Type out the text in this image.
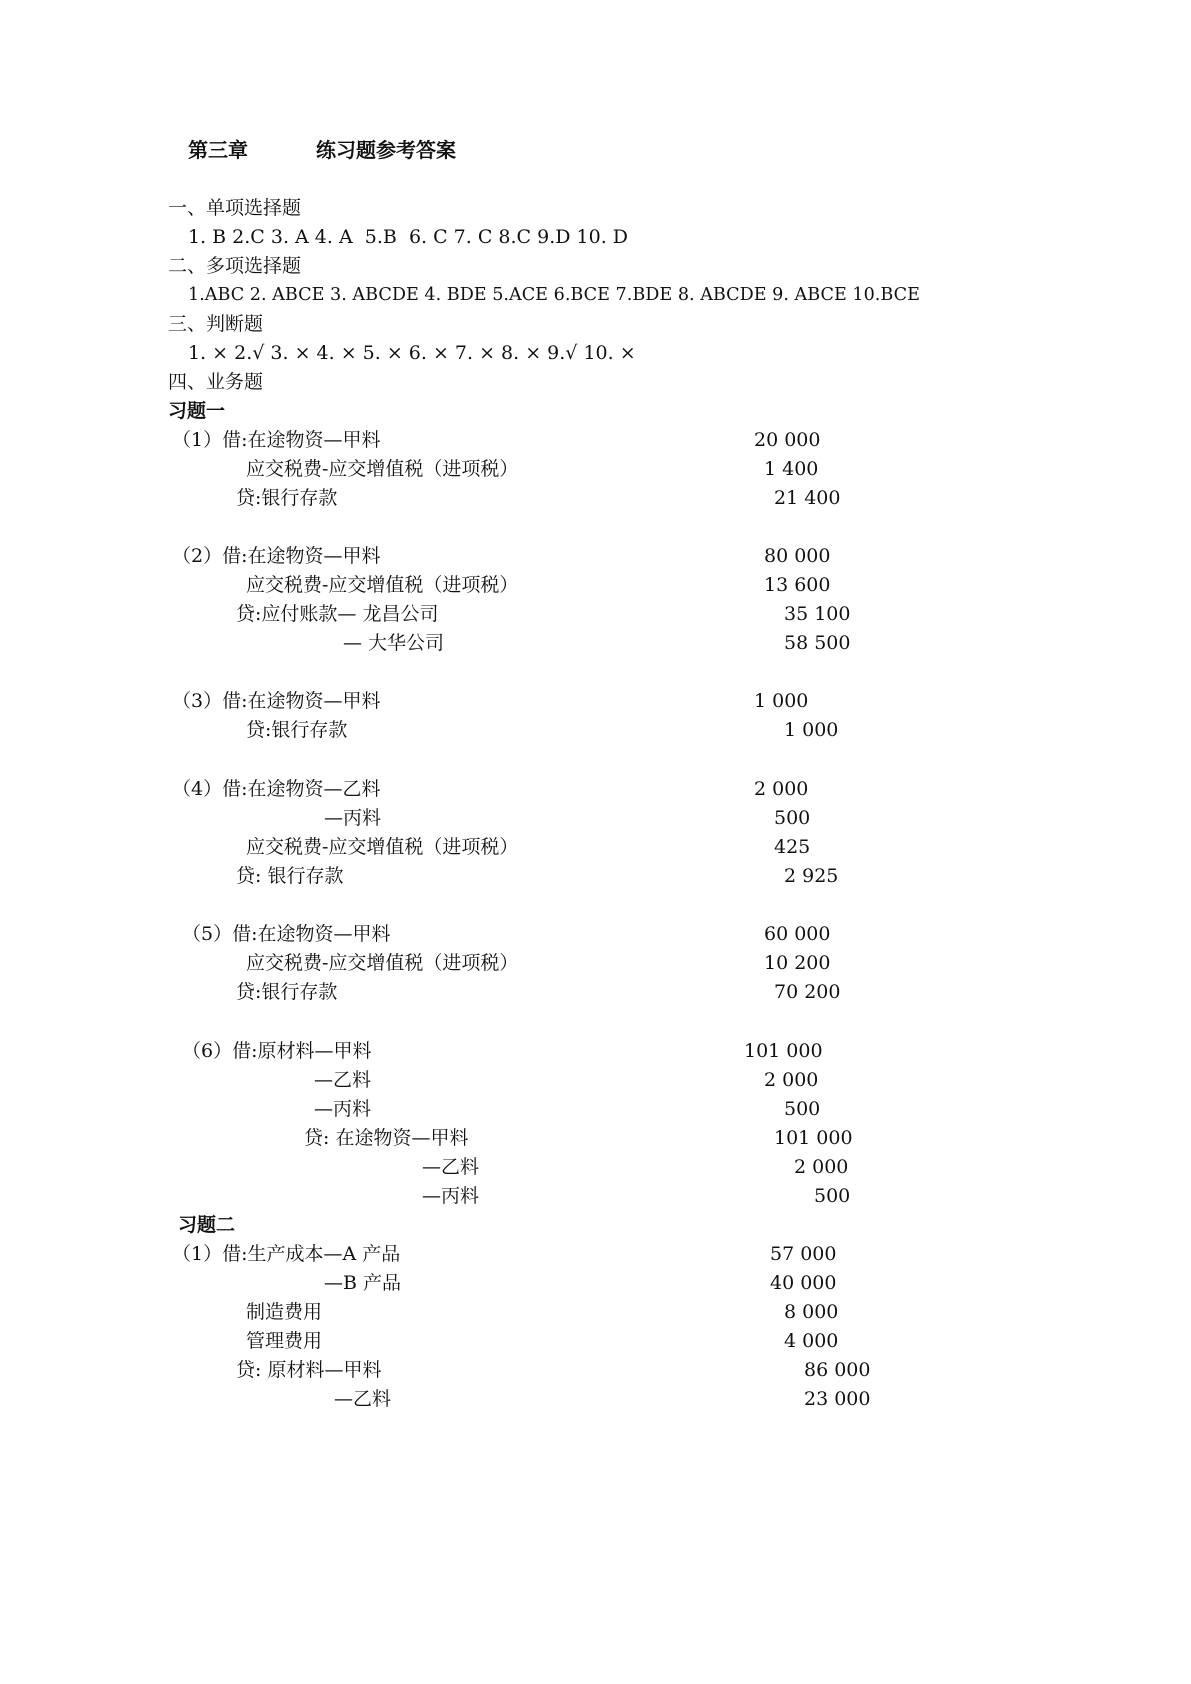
第三章	练习题参考答案
一、单项选择题
1. B 2.C 3. A 4. A  5.B  6. C 7. C 8.C 9.D 10. D
二、多项选择题
1.ABC 2. ABCE 3. ABCDE 4. BDE 5.ACE 6.BCE 7.BDE 8. ABCDE 9. ABCE 10.BCE
三、判断题
1. × 2.√ 3. × 4. × 5. × 6. × 7. × 8. × 9.√ 10. ×
四、业务题
习题一
（1）借:在途物资—甲料	20 000
应交税费-应交增值税（进项税）	1 400
贷:银行存款	21 400
（2）借:在途物资—甲料	80 000
应交税费-应交增值税（进项税）	13 600
贷:应付账款— 龙昌公司	35 100
— 大华公司	58 500
（3）借:在途物资—甲料	1 000
贷:银行存款	1 000
（4）借:在途物资—乙料	2 000
—丙料	500
应交税费-应交增值税（进项税）	425
贷: 银行存款	2 925
（5）借:在途物资—甲料	60 000
应交税费-应交增值税（进项税）	10 200
贷:银行存款	70 200
（6）借:原材料—甲料	101 000
—乙料	2 000
—丙料	500
贷: 在途物资—甲料	101 000
—乙料	2 000
—丙料	500
习题二
（1）借:生产成本—A 产品	57 000
—B 产品	40 000
制造费用	8 000
管理费用	4 000
贷: 原材料—甲料	86 000
—乙料	23 000
